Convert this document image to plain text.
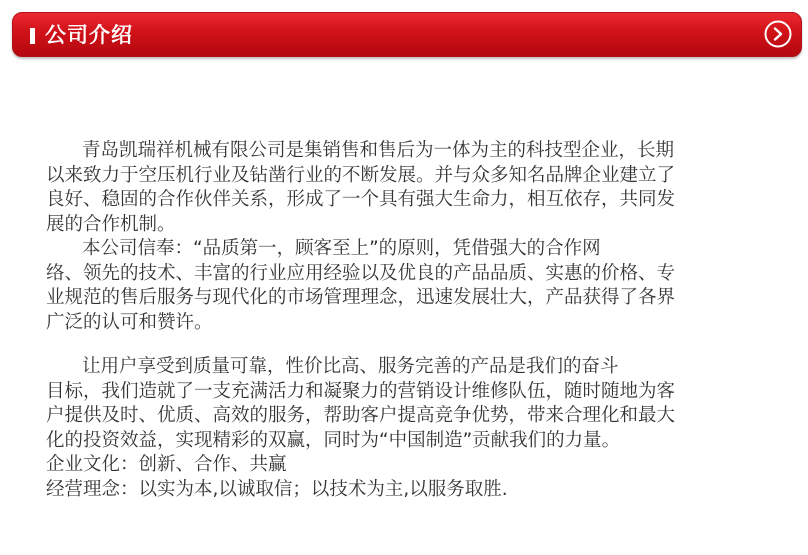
公司介绍
青岛凯瑞祥机械有限公司是集销售和售后为一体为主的科技型企业，长期
以来致力于空压机行业及钻凿行业的不断发展。并与众多知名品牌企业建立了
良好、稳固的合作伙伴关系，形成了一个具有强大生命力，相互依存，共同发
展的合作机制。
本公司信奉：“品质第一，顾客至上”的原则，凭借强大的合作网
络、领先的技术、丰富的行业应用经验以及优良的产品品质、实惠的价格、专
业规范的售后服务与现代化的市场管理理念，迅速发展壮大，产品获得了各界
广泛的认可和赞许。
让用户享受到质量可靠，性价比高、服务完善的产品是我们的奋斗
目标，我们造就了一支充满活力和凝聚力的营销设计维修队伍，随时随地为客
户提供及时、优质、高效的服务，帮助客户提高竞争优势，带来合理化和最大
化的投资效益，实现精彩的双赢，同时为“中国制造”贡献我们的力量。
企业文化：创新、合作、共赢
经营理念：以实为本,以诚取信；以技术为主,以服务取胜.
